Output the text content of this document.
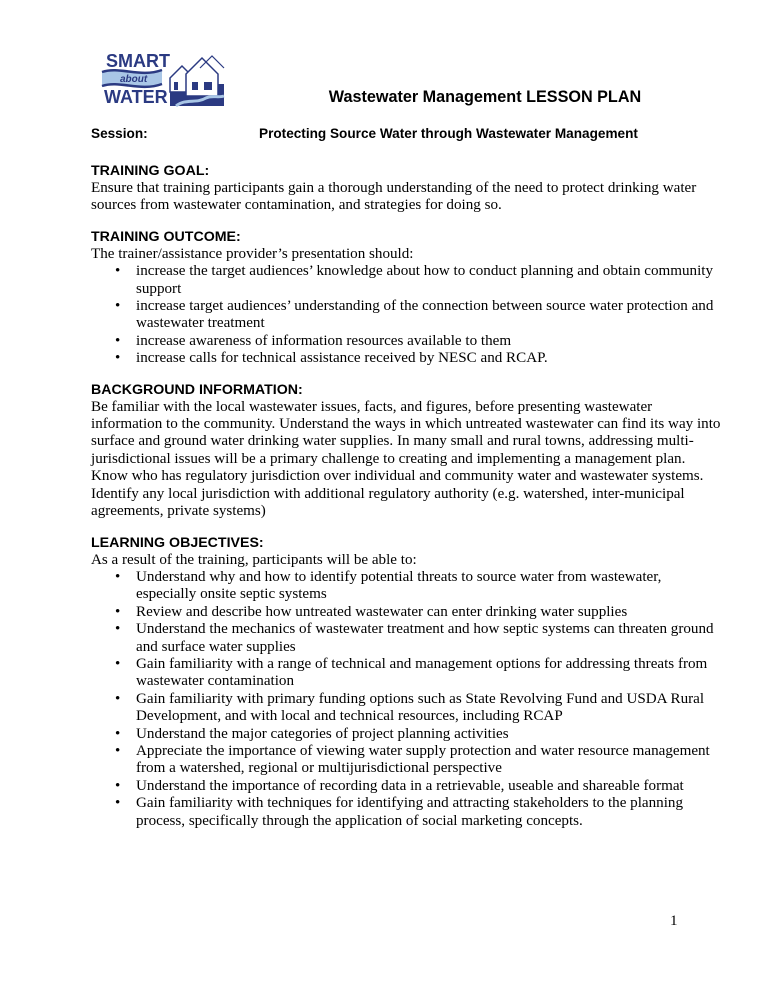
SMART
about
WATER	Wastewater Management LESSON PLAN
Session:	Protecting Source Water through Wastewater Management
TRAINING GOAL:

Ensure that training participants gain a thorough understanding of the need to protect drinking water sources from wastewater contamination, and strategies for doing so.

TRAINING OUTCOME:

The trainer/assistance provider’s presentation should:

• increase the target audiences’ knowledge about how to conduct planning and obtain community support
• increase target audiences’ understanding of the connection between source water protection and wastewater treatment
• increase awareness of information resources available to them
• increase calls for technical assistance received by NESC and RCAP.
BACKGROUND INFORMATION:

Be familiar with the local wastewater issues, facts, and figures, before presenting wastewater information to the community. Understand the ways in which untreated wastewater can find its way into surface and ground water drinking water supplies. In many small and rural towns, addressing multi-jurisdictional issues will be a primary challenge to creating and implementing a management plan. Know who has regulatory jurisdiction over individual and community water and wastewater systems. Identify any local jurisdiction with additional regulatory authority (e.g. watershed, inter-municipal agreements, private systems)

LEARNING OBJECTIVES:

As a result of the training, participants will be able to:

• Understand why and how to identify potential threats to source water from wastewater, especially onsite septic systems
• Review and describe how untreated wastewater can enter drinking water supplies
• Understand the mechanics of wastewater treatment and how septic systems can threaten ground and surface water supplies
• Gain familiarity with a range of technical and management options for addressing threats from wastewater contamination
• Gain familiarity with primary funding options such as State Revolving Fund and USDA Rural Development, and with local and technical resources, including RCAP
• Understand the major categories of project planning activities
• Appreciate the importance of viewing water supply protection and water resource management from a watershed, regional or multijurisdictional perspective
• Understand the importance of recording data in a retrievable, useable and shareable format
• Gain familiarity with techniques for identifying and attracting stakeholders to the planning process, specifically through the application of social marketing concepts.
1
